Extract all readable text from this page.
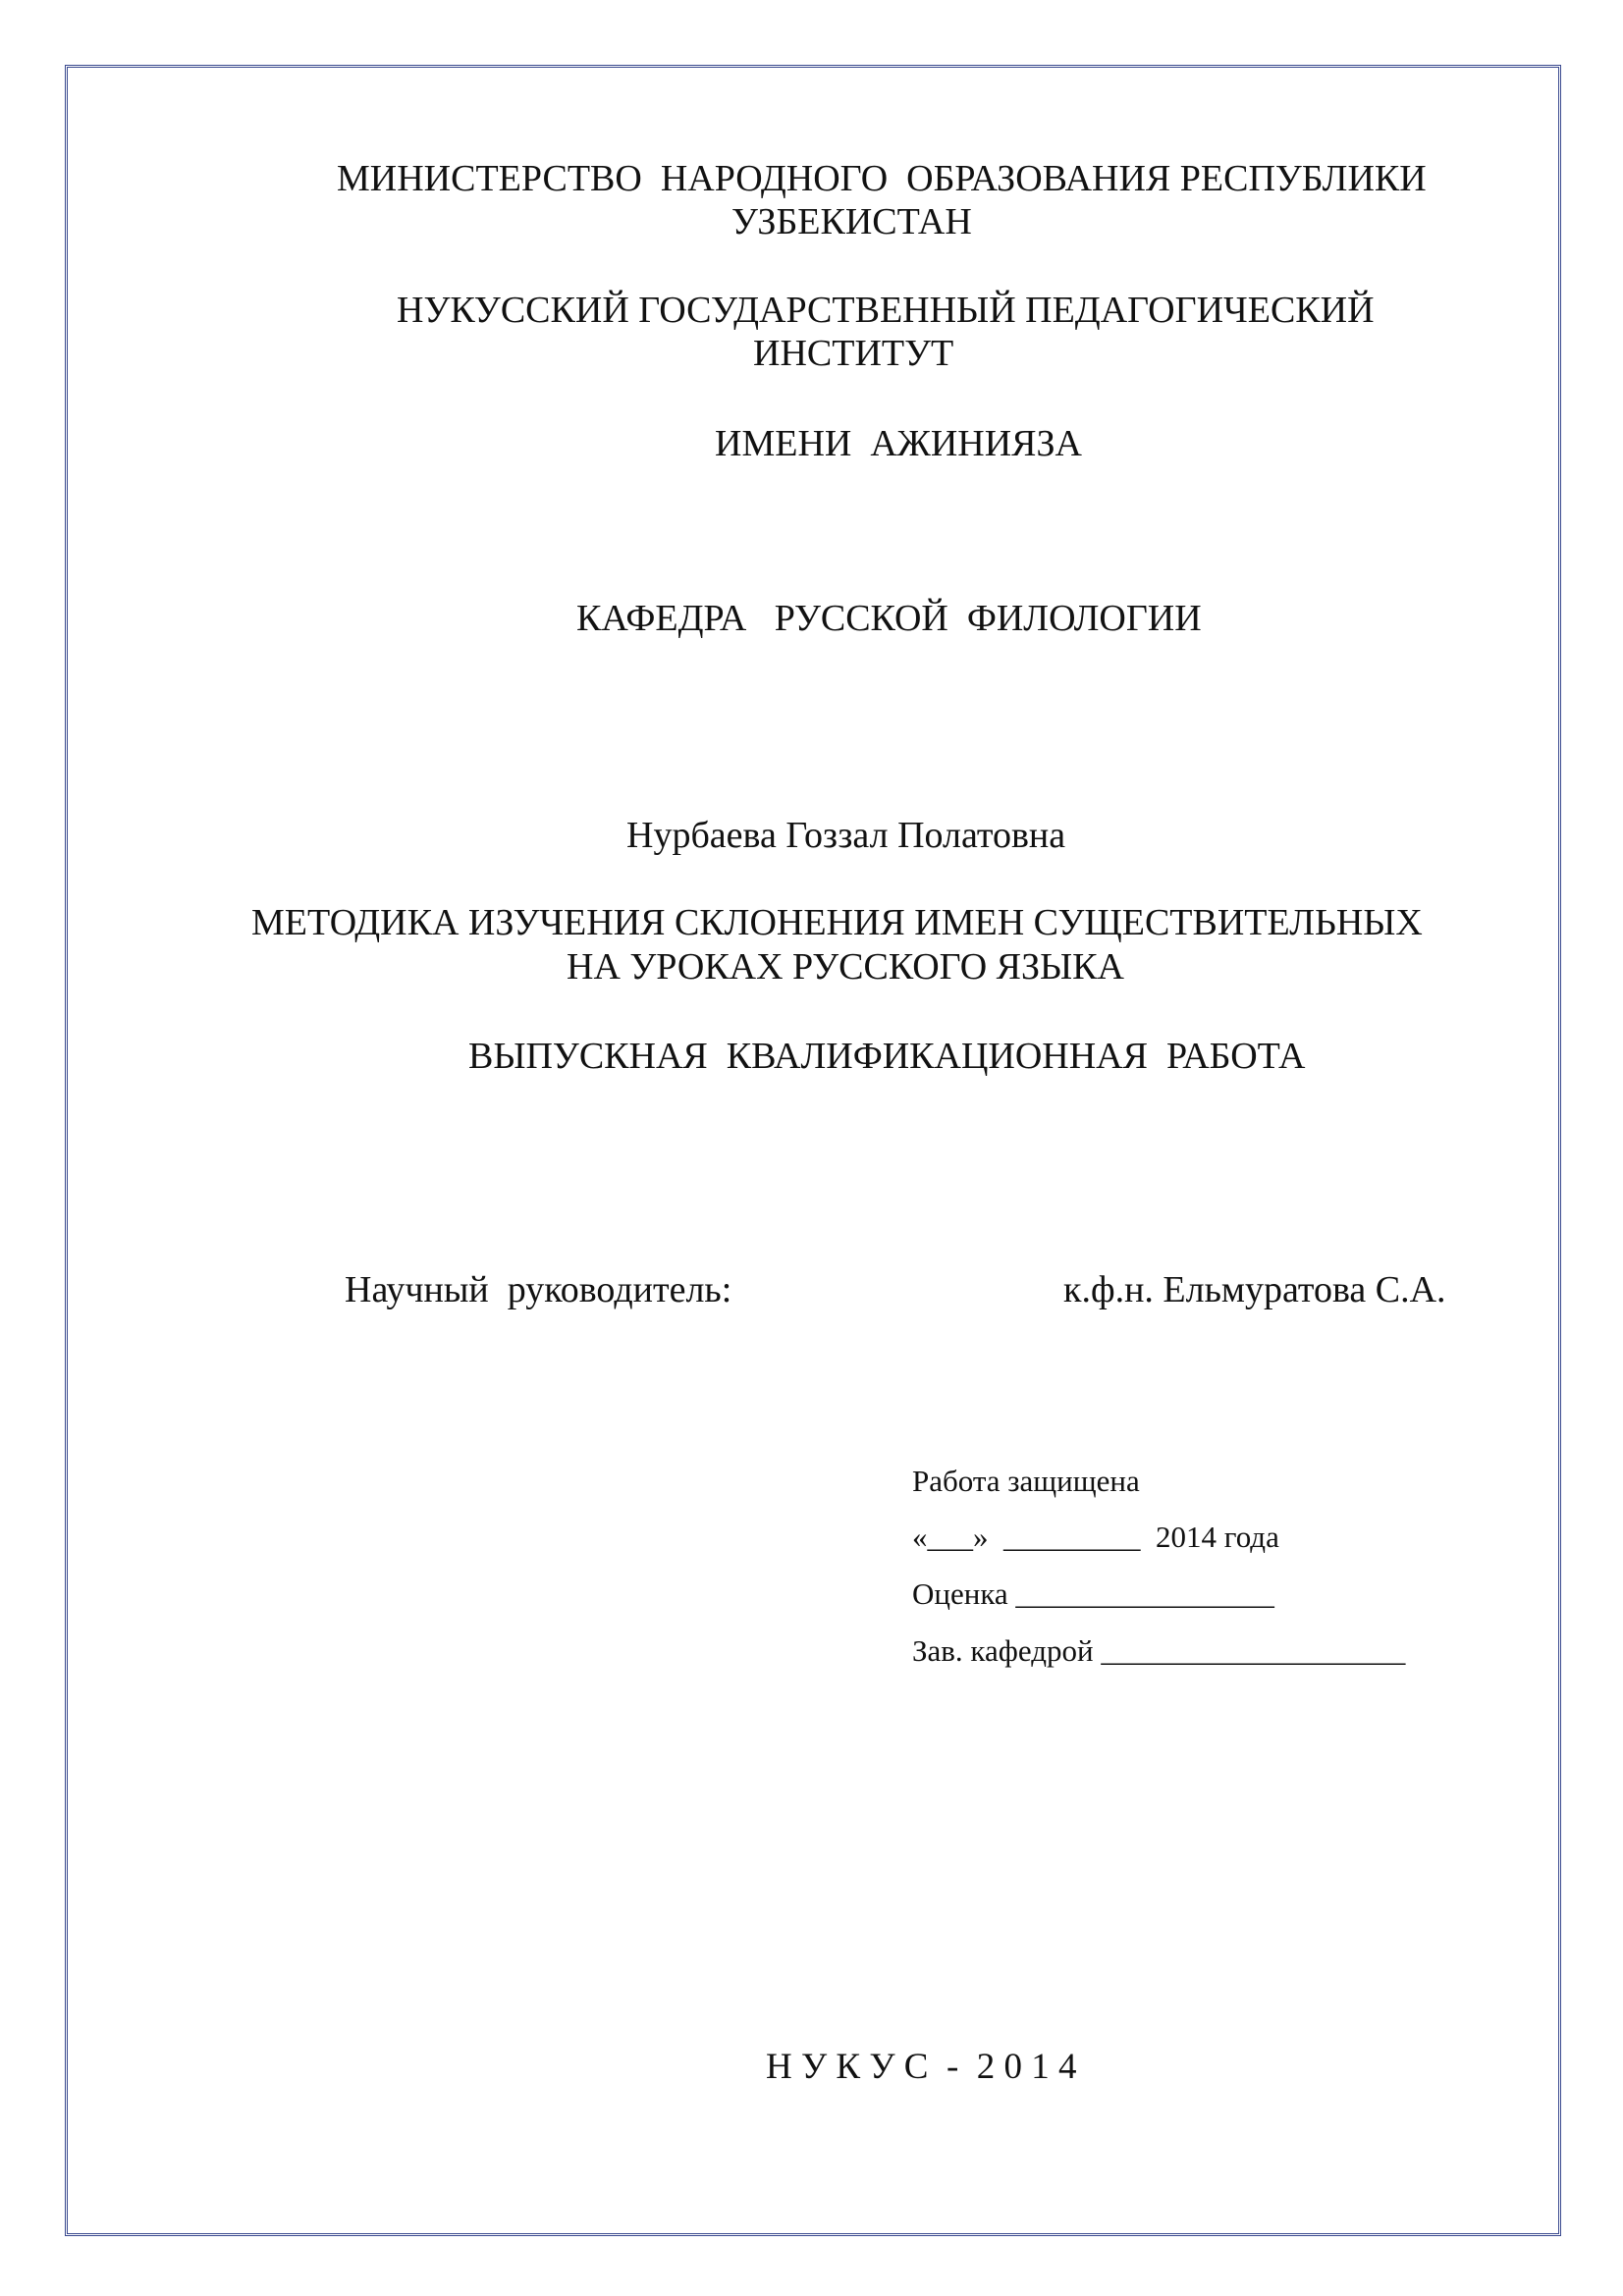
МИНИСТЕРСТВО  НАРОДНОГО  ОБРАЗОВАНИЯ РЕСПУБЛИКИ
УЗБЕКИСТАН
НУКУССКИЙ ГОСУДАРСТВЕННЫЙ ПЕДАГОГИЧЕСКИЙ
ИНСТИТУТ
ИМЕНИ  АЖИНИЯЗА
КАФЕДРА   РУССКОЙ  ФИЛОЛОГИИ
Нурбаева Гоззал Полатовна
МЕТОДИКА ИЗУЧЕНИЯ СКЛОНЕНИЯ ИМЕН СУЩЕСТВИТЕЛЬНЫХ
НА УРОКАХ РУССКОГО ЯЗЫКА
ВЫПУСКНАЯ  КВАЛИФИКАЦИОННАЯ  РАБОТА
Научный  руководитель:	к.ф.н. Ельмуратова С.А.
Работа защищена
«___»  _________  2014 года
Оценка _________________
Зав. кафедрой ____________________
Н У К У С  -  2 0 1 4
